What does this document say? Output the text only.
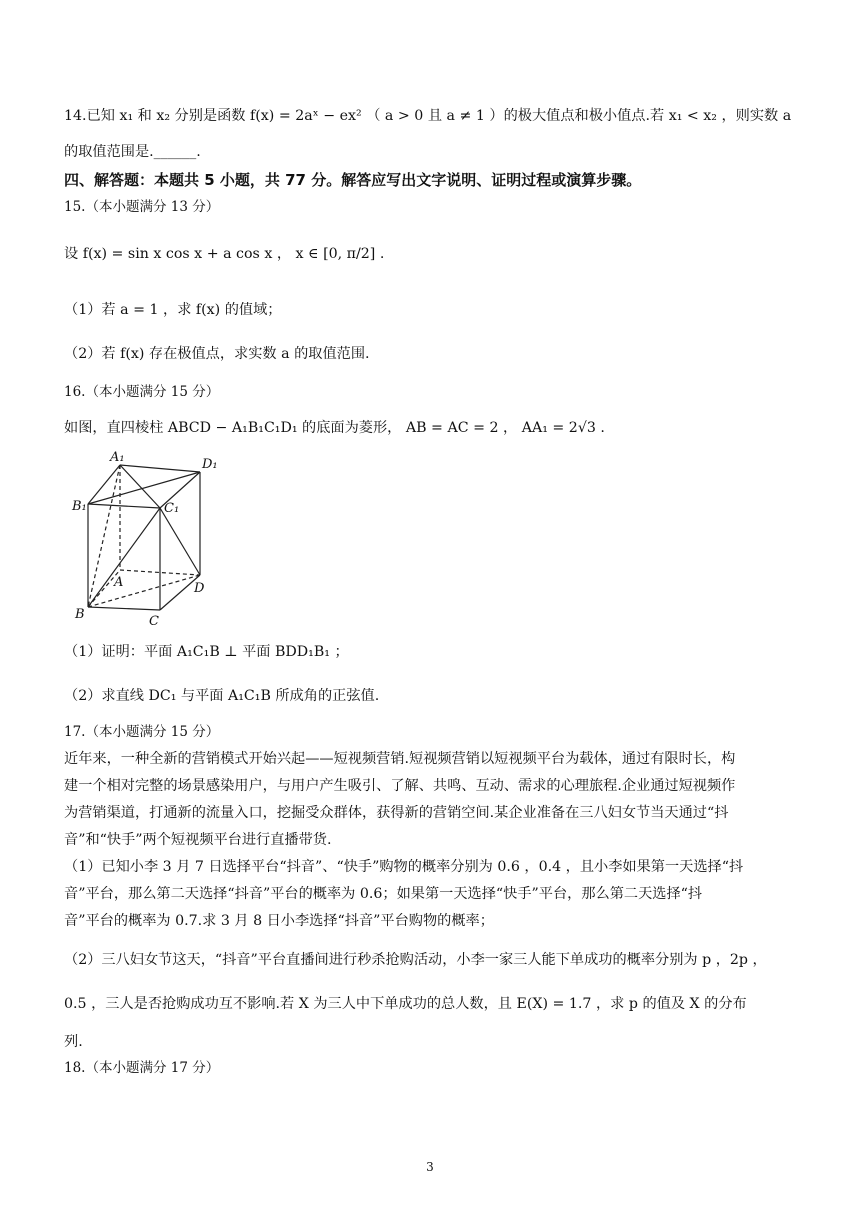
14.已知 x₁ 和 x₂ 分别是函数 f(x) = 2aˣ − ex² （ a > 0 且 a ≠ 1 ）的极大值点和极小值点.若 x₁ < x₂ ，则实数 a
的取值范围是.______.
四、解答题：本题共 5 小题，共 77 分。解答应写出文字说明、证明过程或演算步骤。
15.（本小题满分 13 分）
设 f(x) = sin x cos x + a cos x ， x ∈ [0, π/2] .
（1）若 a = 1 ，求 f(x) 的值域；
（2）若 f(x) 存在极值点，求实数 a 的取值范围.
16.（本小题满分 15 分）
如图，直四棱柱 ABCD − A₁B₁C₁D₁ 的底面为菱形， AB = AC = 2 ， AA₁ = 2√3 .
A₁	D₁
B₁	C₁
A
B	C
D
（1）证明：平面 A₁C₁B ⊥ 平面 BDD₁B₁ ；
（2）求直线 DC₁ 与平面 A₁C₁B 所成角的正弦值.
17.（本小题满分 15 分）
近年来，一种全新的营销模式开始兴起——短视频营销.短视频营销以短视频平台为载体，通过有限时长，构
建一个相对完整的场景感染用户，与用户产生吸引、了解、共鸣、互动、需求的心理旅程.企业通过短视频作
为营销渠道，打通新的流量入口，挖掘受众群体，获得新的营销空间.某企业准备在三八妇女节当天通过“抖
音”和“快手”两个短视频平台进行直播带货.
（1）已知小李 3 月 7 日选择平台“抖音”、“快手”购物的概率分别为 0.6 ，0.4 ，且小李如果第一天选择“抖
音”平台，那么第二天选择“抖音”平台的概率为 0.6；如果第一天选择“快手”平台，那么第二天选择“抖
音”平台的概率为 0.7.求 3 月 8 日小李选择“抖音”平台购物的概率；
（2）三八妇女节这天，“抖音”平台直播间进行秒杀抢购活动，小李一家三人能下单成功的概率分别为 p ，2p ，
0.5 ，三人是否抢购成功互不影响.若 X 为三人中下单成功的总人数，且 E(X) = 1.7 ，求 p 的值及 X 的分布
列.
18.（本小题满分 17 分）
3
